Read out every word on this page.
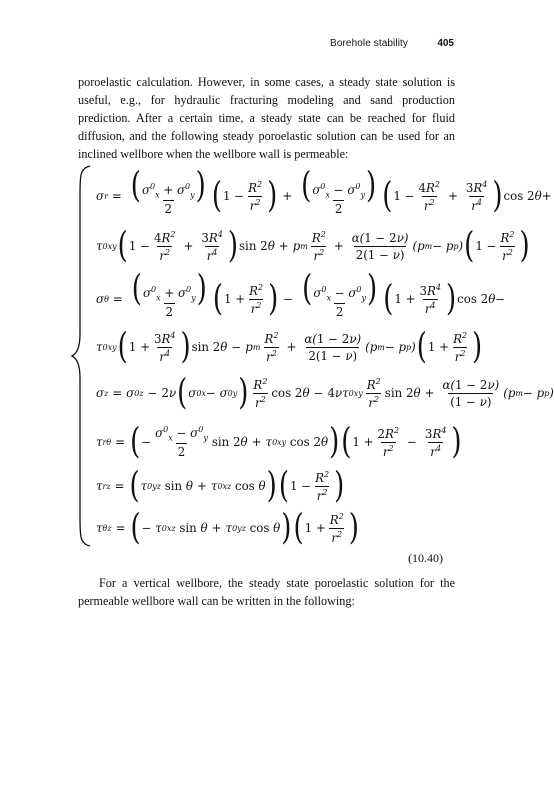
Borehole stability	405

poroelastic calculation. However, in some cases, a steady state solution is useful, e.g., for hydraulic fracturing modeling and sand production prediction. After a certain time, a steady state can be reached for fluid diffusion, and the following steady poroelastic solution can be used for an inclined wellbore when the wellbore wall is permeable:

σ $r = \frac{(\sigma^0_x + \sigma^0_y)}{2}$ ( $1 - \frac{R^2}{r^2}$ ) + $\frac{(\sigma^0_x - \sigma^0_y)}{2}$ ( $1 - \frac{4R^2}{r^2} + \frac{3R^4}{r^4}$ ) cos 2 θ +
τ 0 xy ( $1 - \frac{4R^2}{r^2} + \frac{3R^4}{r^4}$ ) sin 2 θ + p m $\frac{R^2}{r^2} + \frac{\alpha(1 - 2\nu)}{2(1 - \nu)} (p$ m − p p ) ( $1 - \frac{R^2}{r^2}$ )
σ $\theta = \frac{(\sigma^0_x + \sigma^0_y)}{2}$ ( $1 + \frac{R^2}{r^2}$ ) − $\frac{(\sigma^0_x - \sigma^0_y)}{2}$ ( $1 + \frac{3R^4}{r^4}$ ) cos 2 θ −
τ 0 xy ( $1 + \frac{3R^4}{r^4}$ ) sin 2 θ − p m $\frac{R^2}{r^2} + \frac{\alpha(1 - 2\nu)}{2(1 - \nu)} (p$ m − p p ) ( $1 + \frac{R^2}{r^2}$ )
σ z = σ 0 z − 2 ν ( σ 0 x − σ 0 y ) $\frac{R^2}{r^2}$ cos 2 θ − 4 ντ 0 xy $\frac{R^2}{r^2}$ sin 2 $\theta + \frac{\alpha(1 - 2\nu)}{(1 - \nu)} (p$ m − p p )
τ rθ = ( − $\frac{\sigma^0_x - \sigma^0_y}{2}$ sin 2 θ + τ 0 xy cos 2 θ ) ( $1 + \frac{2R^2}{r^2} - \frac{3R^4}{r^4}$ )
τ rz = ( τ 0 yz sin θ + τ 0 xz cos θ ) ( $1 - \frac{R^2}{r^2}$ )
τ θz = ( − τ 0 xz sin θ + τ 0 yz cos θ ) ( $1 + \frac{R^2}{r^2}$ )
(10.40)

For a vertical wellbore, the steady state poroelastic solution for the permeable wellbore wall can be written in the following:
